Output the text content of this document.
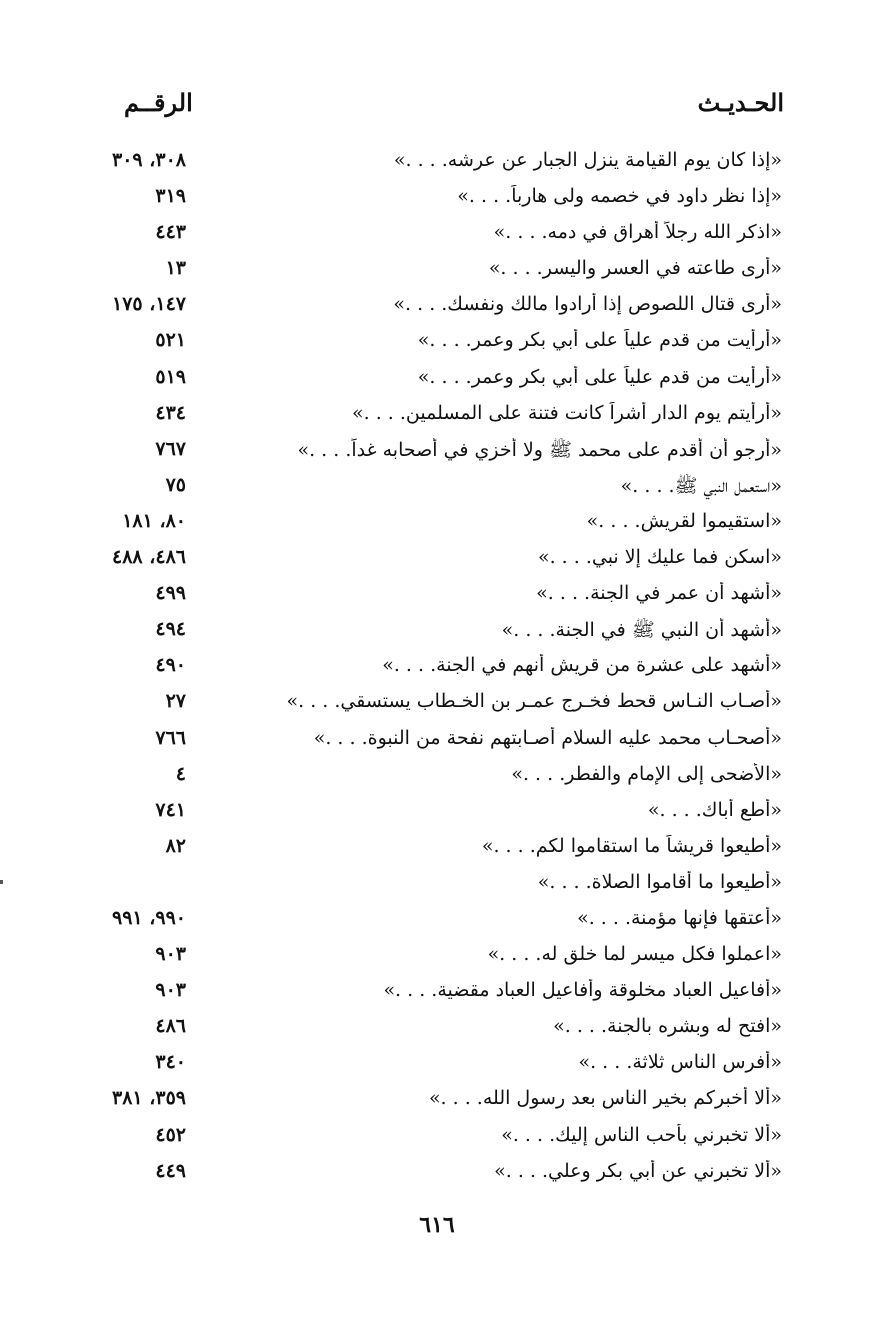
الحـديـث
الرقــم
«إذا كان يوم القيامة ينزل الجبار عن عرشه. . . .»
٣٠٨، ٣٠٩
«إذا نظر داود في خصمه ولى هارباً. . . .»
٣١٩
«اذكر الله رجلاً أهراق في دمه. . . .»
٤٤٣
«أرى طاعته في العسر واليسر. . . .»
١٣
«أرى قتال اللصوص إذا أرادوا مالك ونفسك. . . .»
١٤٧، ١٧٥
«أرأيت من قدم علياً على أبي بكر وعمر. . . .»
٥٢١
«أرأيت من قدم علياً على أبي بكر وعمر. . . .»
٥١٩
«أرأيتم يوم الدار أشراً كانت فتنة على المسلمين. . . .»
٤٣٤
«أرجو أن أقدم على محمد ﷺ ولا أخزي في أصحابه غداً. . . .»
٧٦٧
«استعمل النبي ﷺ. . . .»
٧٥
«استقيموا لقريش. . . .»
٨٠، ١٨١
«اسكن فما عليك إلا نبي. . . .»
٤٨٦، ٤٨٨
«أشهد أن عمر في الجنة. . . .»
٤٩٩
«أشهد أن النبي ﷺ في الجنة. . . .»
٤٩٤
«أشهد على عشرة من قريش أنهم في الجنة. . . .»
٤٩٠
«أصـاب النـاس قحط فخـرج عمـر بن الخـطاب يستسقي. . . .»
٢٧
«أصحـاب محمد عليه السلام أصـابتهم نفحة من النبوة. . . .»
٧٦٦
«الأضحى إلى الإمام والفطر. . . .»
٤
«أطع أباك. . . .»
٧٤١
«أطيعوا قريشاً ما استقاموا لكم. . . .»
٨٢
«أطيعوا ما أقاموا الصلاة. . . .»
«أعتقها فإنها مؤمنة. . . .»
٩٩٠، ٩٩١
«اعملوا فكل ميسر لما خلق له. . . .»
٩٠٣
«أفاعيل العباد مخلوقة وأفاعيل العباد مقضية. . . .»
٩٠٣
«افتح له وبشره بالجنة. . . .»
٤٨٦
«أفرس الناس ثلاثة. . . .»
٣٤٠
«ألا أخبركم بخير الناس بعد رسول الله. . . .»
٣٥٩، ٣٨١
«ألا تخبرني بأحب الناس إليك. . . .»
٤٥٢
«ألا تخبرني عن أبي بكر وعلي. . . .»
٤٤٩
٦١٦
